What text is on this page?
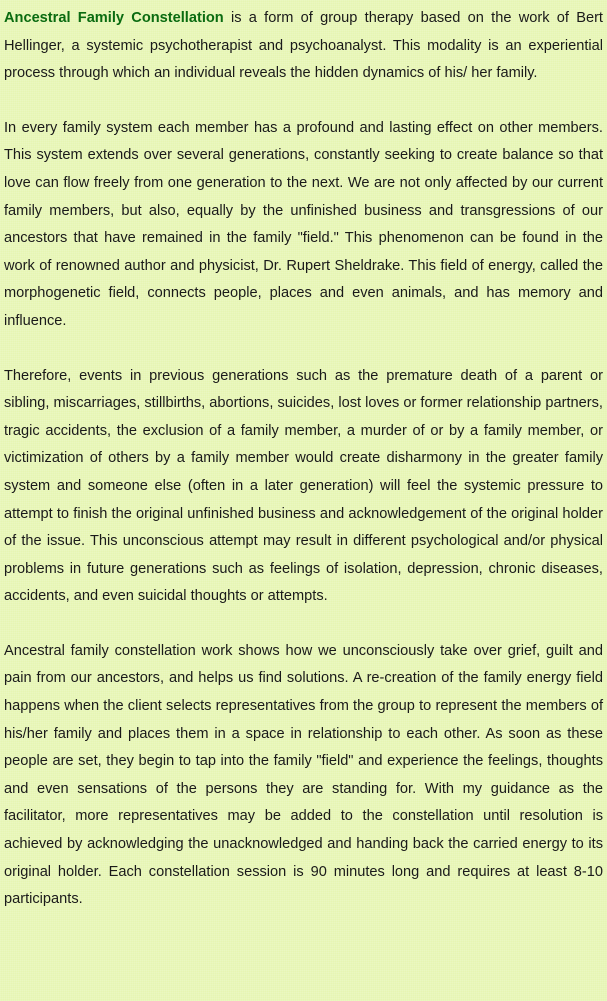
Ancestral Family Constellation is a form of group therapy based on the work of Bert Hellinger, a systemic psychotherapist and psychoanalyst. This modality is an experiential process through which an individual reveals the hidden dynamics of his/ her family.

In every family system each member has a profound and lasting effect on other members. This system extends over several generations, constantly seeking to create balance so that love can flow freely from one generation to the next. We are not only affected by our current family members, but also, equally by the unfinished business and transgressions of our ancestors that have remained in the family "field." This phenomenon can be found in the work of renowned author and physicist, Dr. Rupert Sheldrake. This field of energy, called the morphogenetic field, connects people, places and even animals, and has memory and influence.

Therefore, events in previous generations such as the premature death of a parent or sibling, miscarriages, stillbirths, abortions, suicides, lost loves or former relationship partners, tragic accidents, the exclusion of a family member, a murder of or by a family member, or victimization of others by a family member would create disharmony in the greater family system and someone else (often in a later generation) will feel the systemic pressure to attempt to finish the original unfinished business and acknowledgement of the original holder of the issue. This unconscious attempt may result in different psychological and/or physical problems in future generations such as feelings of isolation, depression, chronic diseases, accidents, and even suicidal thoughts or attempts.

Ancestral family constellation work shows how we unconsciously take over grief, guilt and pain from our ancestors, and helps us find solutions. A re-creation of the family energy field happens when the client selects representatives from the group to represent the members of his/her family and places them in a space in relationship to each other. As soon as these people are set, they begin to tap into the family "field" and experience the feelings, thoughts and even sensations of the persons they are standing for. With my guidance as the facilitator, more representatives may be added to the constellation until resolution is achieved by acknowledging the unacknowledged and handing back the carried energy to its original holder. Each constellation session is 90 minutes long and requires at least 8-10 participants.
